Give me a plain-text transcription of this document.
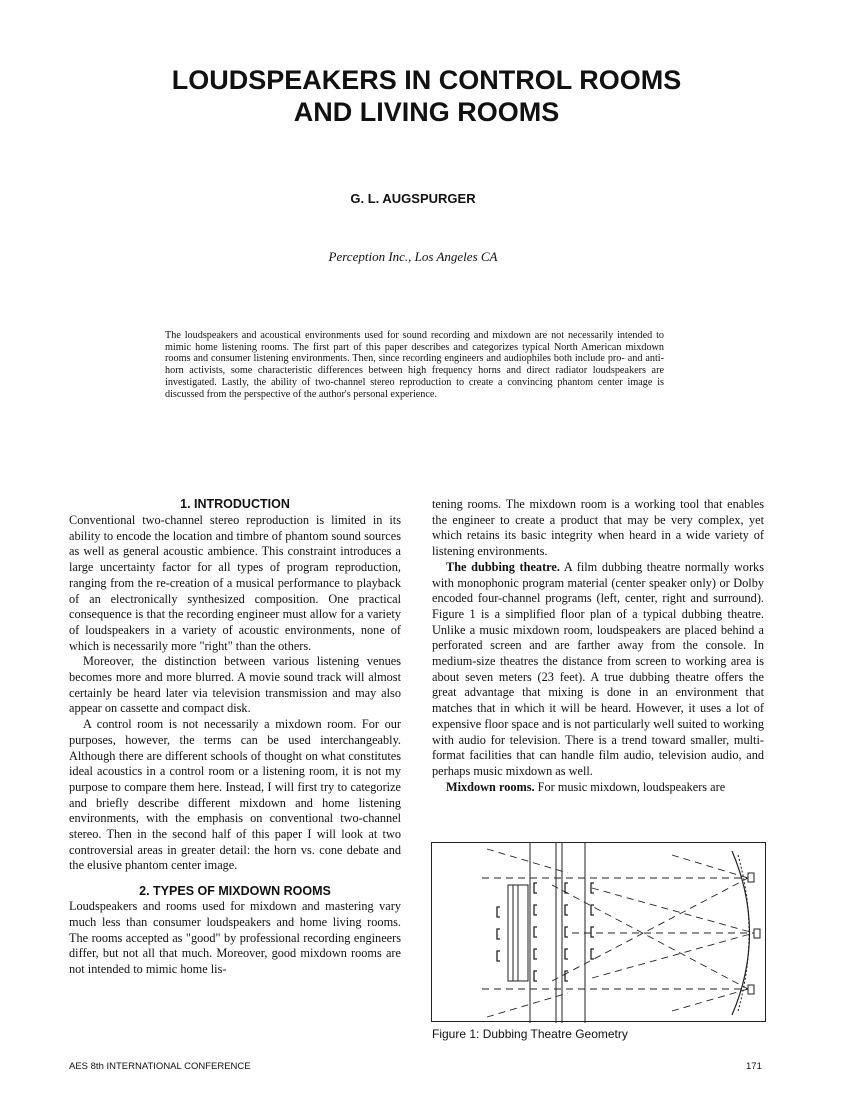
LOUDSPEAKERS IN CONTROL ROOMS
AND LIVING ROOMS
G. L. AUGSPURGER
Perception Inc., Los Angeles CA
The loudspeakers and acoustical environments used for sound recording and mixdown are not necessarily intended to mimic home listening rooms. The first part of this paper describes and categorizes typical North American mixdown rooms and consumer listening environments. Then, since recording engineers and audiophiles both include pro- and anti-horn activists, some characteristic differences between high frequency horns and direct radiator loudspeakers are investigated. Lastly, the ability of two-channel stereo reproduction to create a convincing phantom center image is discussed from the perspective of the author's personal experience.
1. INTRODUCTION

Conventional two-channel stereo reproduction is limited in its ability to encode the location and timbre of phantom sound sources as well as general acoustic ambience. This constraint introduces a large uncertainty factor for all types of program reproduction, ranging from the re-creation of a musical performance to playback of an electronically synthesized composition. One practical consequence is that the recording engineer must allow for a variety of loudspeakers in a variety of acoustic environments, none of which is necessarily more "right" than the others.

Moreover, the distinction between various listening venues becomes more and more blurred. A movie sound track will almost certainly be heard later via television transmission and may also appear on cassette and compact disk.

A control room is not necessarily a mixdown room. For our purposes, however, the terms can be used interchangeably. Although there are different schools of thought on what constitutes ideal acoustics in a control room or a listening room, it is not my purpose to compare them here. Instead, I will first try to categorize and briefly describe different mixdown and home listening environments, with the emphasis on conventional two-channel stereo. Then in the second half of this paper I will look at two controversial areas in greater detail: the horn vs. cone debate and the elusive phantom center image.

2. TYPES OF MIXDOWN ROOMS

Loudspeakers and rooms used for mixdown and mastering vary much less than consumer loudspeakers and home living rooms. The rooms accepted as "good" by professional recording engineers differ, but not all that much. Moreover, good mixdown rooms are not intended to mimic home lis-

tening rooms. The mixdown room is a working tool that enables the engineer to create a product that may be very complex, yet which retains its basic integrity when heard in a wide variety of listening environments.

The dubbing theatre. A film dubbing theatre normally works with monophonic program material (center speaker only) or Dolby encoded four-channel programs (left, center, right and surround). Figure 1 is a simplified floor plan of a typical dubbing theatre. Unlike a music mixdown room, loudspeakers are placed behind a perforated screen and are farther away from the console. In medium-size theatres the distance from screen to working area is about seven meters (23 feet). A true dubbing theatre offers the great advantage that mixing is done in an environment that matches that in which it will be heard. However, it uses a lot of expensive floor space and is not particularly well suited to working with audio for television. There is a trend toward smaller, multi-format facilities that can handle film audio, television audio, and perhaps music mixdown as well.

Mixdown rooms. For music mixdown, loudspeakers are

Figure 1: Dubbing Theatre Geometry
AES 8th INTERNATIONAL CONFERENCE	171
